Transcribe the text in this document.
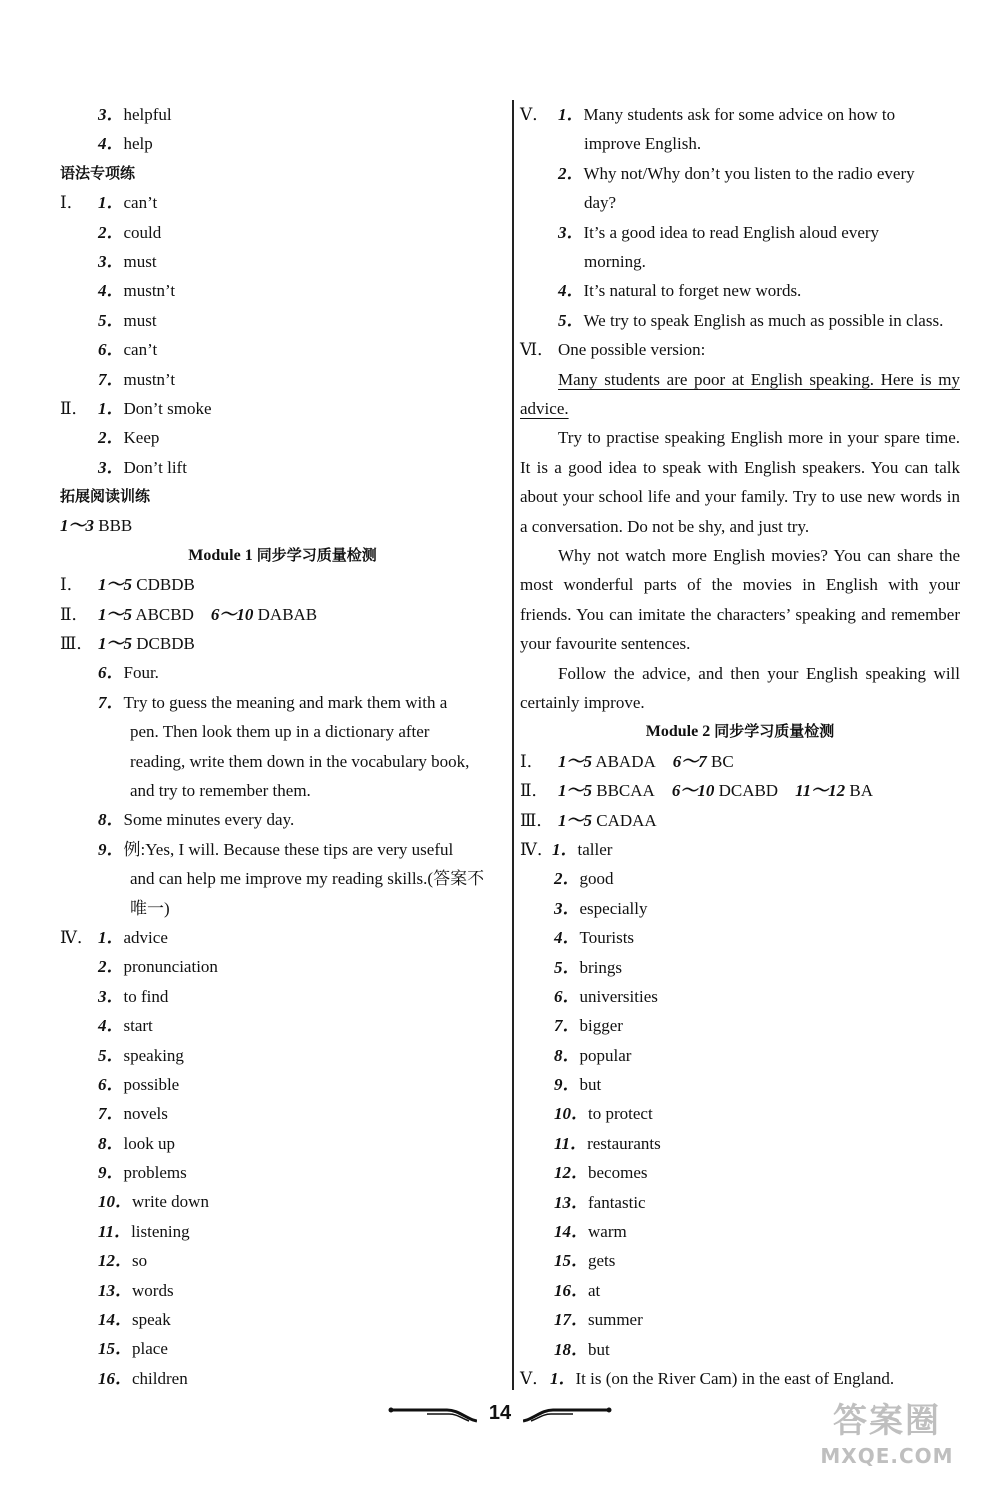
3．helpful
4．help
语法专项练
Ⅰ． 1．can’t
2．could
3．must
4．mustn’t
5．must
6．can’t
7．mustn’t
Ⅱ． 1．Don’t smoke
2．Keep
3．Don’t lift
拓展阅读训练
1～3 BBB
Module 1 同步学习质量检测
Ⅰ． 1～5 CDBDB
Ⅱ． 1～5 ABCBD 6～10 DABAB
Ⅲ． 1～5 DCBDB
6．Four.
7．Try to guess the meaning and mark them with a
pen. Then look them up in a dictionary after
reading, write them down in the vocabulary book,
and try to remember them.
8．Some minutes every day.
9．例:Yes, I will. Because these tips are very useful
and can help me improve my reading skills.(答案不
唯一)
Ⅳ． 1．advice
2．pronunciation
3．to find
4．start
5．speaking
6．possible
7．novels
8．look up
9．problems
10．write down
11．listening
12．so
13．words
14．speak
15．place
16．children
Ⅴ． 1．Many students ask for some advice on how to
improve English.
2．Why not/Why don’t you listen to the radio every
day?
3．It’s a good idea to read English aloud every
morning.
4．It’s natural to forget new words.
5．We try to speak English as much as possible in class.
Ⅵ． One possible version:
Many students are poor at English speaking. Here is my advice.
Try to practise speaking English more in your spare time. It is a good idea to speak with English speakers. You can talk about your school life and your family. Try to use new words in a conversation. Do not be shy, and just try.
Why not watch more English movies? You can share the most wonderful parts of the movies in English with your friends. You can imitate the characters’ speaking and remember your favourite sentences.
Follow the advice, and then your English speaking will certainly improve.
Module 2 同步学习质量检测
Ⅰ． 1～5 ABADA 6～7 BC
Ⅱ． 1～5 BBCAA 6～10 DCABD 11～12 BA
Ⅲ． 1～5 CADAA
Ⅳ．1．taller
2．good
3．especially
4．Tourists
5．brings
6．universities
7．bigger
8．popular
9．but
10．to protect
11．restaurants
12．becomes
13．fantastic
14．warm
15．gets
16．at
17．summer
18．but
Ⅴ．1．It is (on the River Cam) in the east of England.
14	答案圈
MXQE.COM
